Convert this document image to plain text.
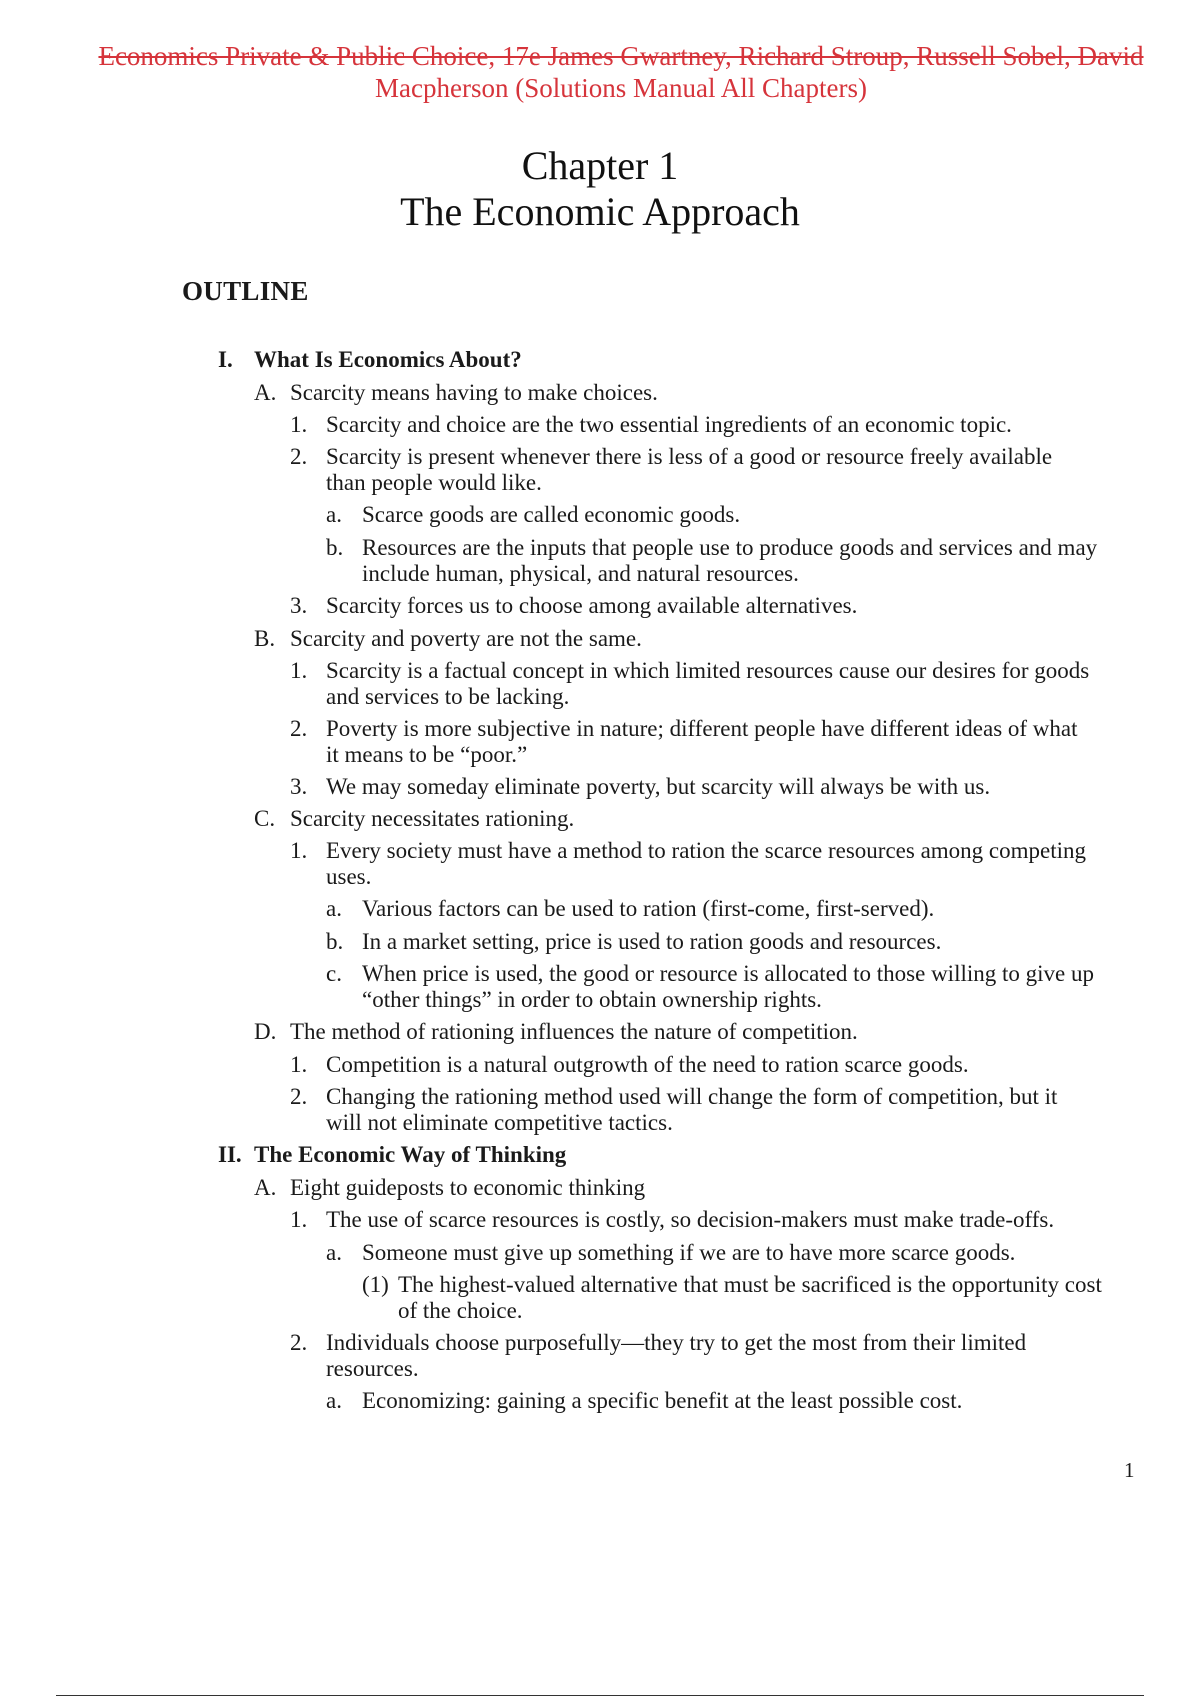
Economics Private & Public Choice, 17e James Gwartney, Richard Stroup, Russell Sobel, David
Macpherson (Solutions Manual All Chapters)
Chapter 1
The Economic Approach
OUTLINE
I. What Is Economics About?
A. Scarcity means having to make choices.
1. Scarcity and choice are the two essential ingredients of an economic topic.
2. Scarcity is present whenever there is less of a good or resource freely available
than people would like.
a. Scarce goods are called economic goods.
b. Resources are the inputs that people use to produce goods and services and may
include human, physical, and natural resources.
3. Scarcity forces us to choose among available alternatives.
B. Scarcity and poverty are not the same.
1. Scarcity is a factual concept in which limited resources cause our desires for goods
and services to be lacking.
2. Poverty is more subjective in nature; different people have different ideas of what
it means to be “poor.”
3. We may someday eliminate poverty, but scarcity will always be with us.
C. Scarcity necessitates rationing.
1. Every society must have a method to ration the scarce resources among competing
uses.
a. Various factors can be used to ration (first-come, first-served).
b. In a market setting, price is used to ration goods and resources.
c. When price is used, the good or resource is allocated to those willing to give up
“other things” in order to obtain ownership rights.
D. The method of rationing influences the nature of competition.
1. Competition is a natural outgrowth of the need to ration scarce goods.
2. Changing the rationing method used will change the form of competition, but it
will not eliminate competitive tactics.
II. The Economic Way of Thinking
A. Eight guideposts to economic thinking
1. The use of scarce resources is costly, so decision-makers must make trade-offs.
a. Someone must give up something if we are to have more scarce goods.
(1) The highest-valued alternative that must be sacrificed is the opportunity cost
of the choice.
2. Individuals choose purposefully—they try to get the most from their limited
resources.
a. Economizing: gaining a specific benefit at the least possible cost.
1
